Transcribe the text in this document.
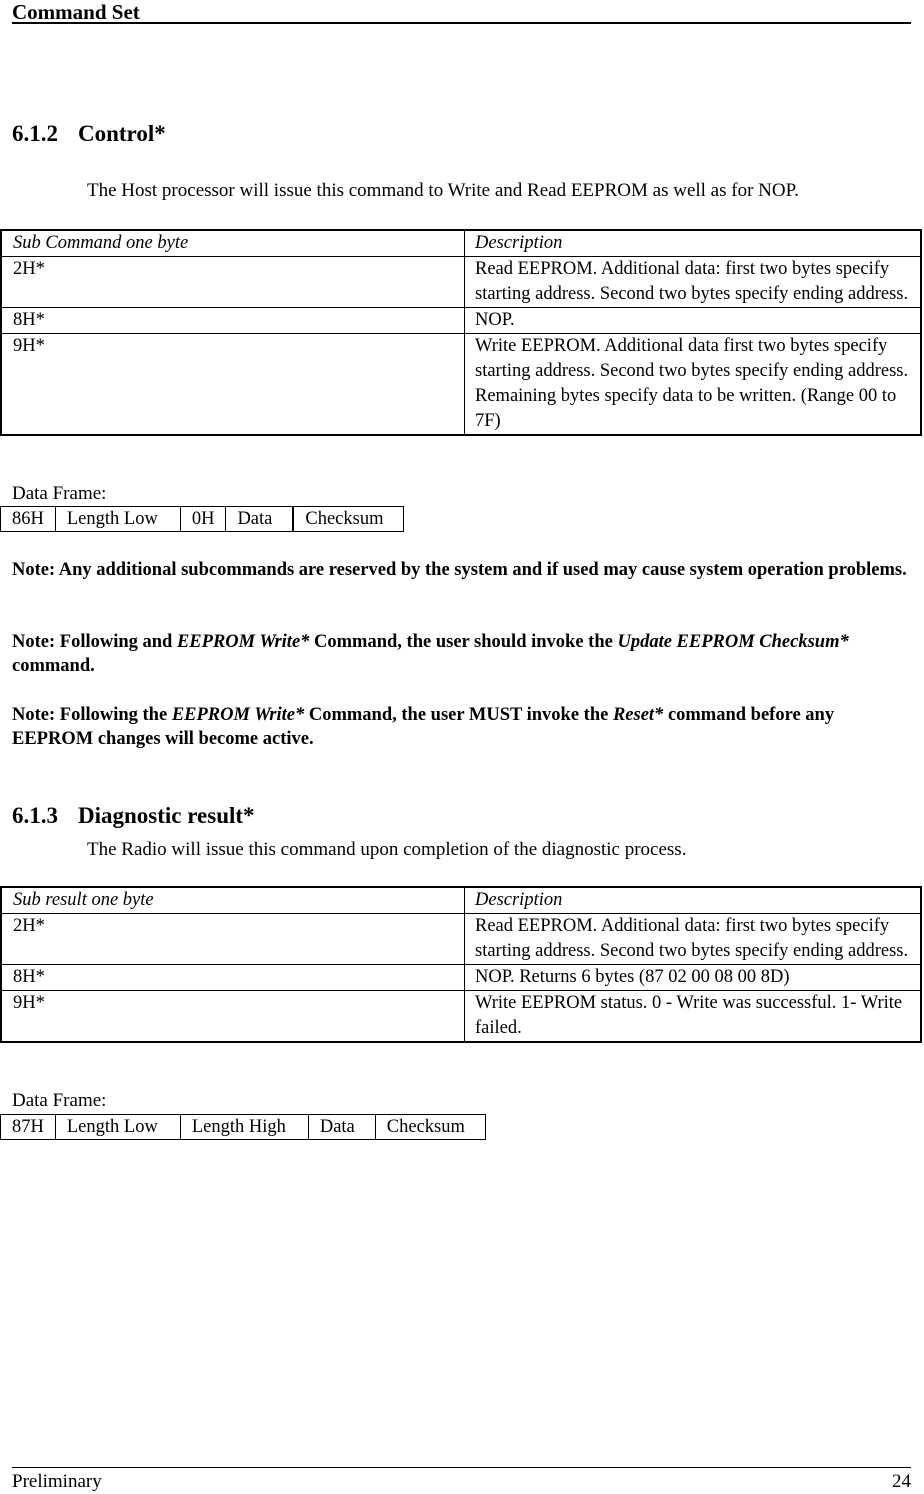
Command Set
6.1.2 Control*
The Host processor will issue this command to Write and Read EEPROM as well as for NOP.
Sub Command one byte	Description
2H*	Read EEPROM. Additional data: first two bytes specify starting address. Second two bytes specify ending address.
8H*	NOP.
9H*	Write EEPROM. Additional data first two bytes specify starting address. Second two bytes specify ending address. Remaining bytes specify data to be written. (Range 00 to 7F)
Data Frame:
86H	Length Low	0H	Data	Checksum
Note: Any additional subcommands are reserved by the system and if used may cause system operation problems.
Note: Following and EEPROM Write* Command, the user should invoke the Update EEPROM Checksum* command.
Note: Following the EEPROM Write* Command, the user MUST invoke the Reset* command before any EEPROM changes will become active.
6.1.3 Diagnostic result*
The Radio will issue this command upon completion of the diagnostic process.
Sub result one byte	Description
2H*	Read EEPROM. Additional data: first two bytes specify starting address. Second two bytes specify ending address.
8H*	NOP. Returns 6 bytes (87 02 00 08 00 8D)
9H*	Write EEPROM status. 0 - Write was successful. 1- Write failed.
Data Frame:
87H	Length Low	Length High	Data	Checksum
Preliminary	24
